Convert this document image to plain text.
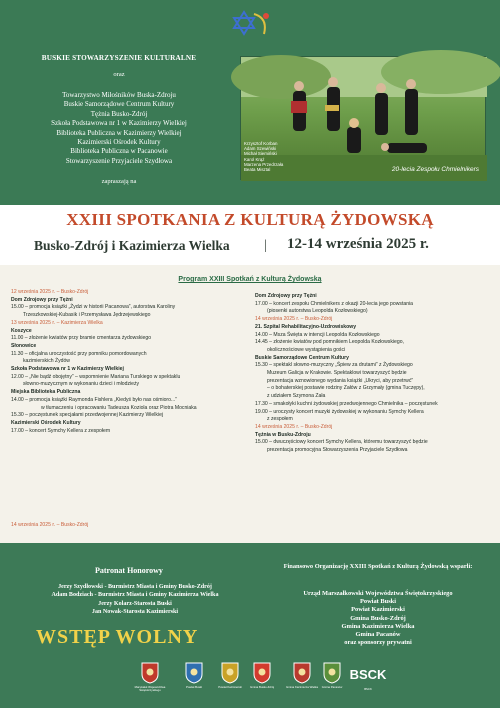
BUSKIE STOWARZYSZENIE KULTURALNE
oraz
Towarzystwo Miłośników Buska-Zdroju
Buskie Samorządowe Centrum Kultury
Tężnia Busko-Zdrój
Szkoła Podstawowa nr 1 w Kazimierzy Wielkiej
Biblioteka Publiczna w Kazimierzy Wielkiej
Kazimierski Ośrodek Kultury
Biblioteka Publiczna w Pacanowie
Stowarzyszenie Przyjaciele Szydłowa
zapraszają na
Krzysztof Korban
Adam Szewiński
Michał Siemiński
Karol Krąż
Marzena Przedrzała
Beata Misztal	20-lecia Zespołu Chmielnikers
XXIII SPOTKANIA Z KULTURĄ ŻYDOWSKĄ
Busko-Zdrój i Kazimierza Wielka	| 12-14 września 2025 r.
Program XXIII Spotkań z Kulturą Żydowską
12 września 2025 r. – Busko-Zdrój
Dom Zdrojowy przy Tężni
15.00 – promocja książki „Żydzi w historii Pacanowa”, autorstwa Karoliny
Trzeszkowskiej-Kubasik i Przemysława Jędrzejewskiego
13 września 2025 r. – Kazimierza Wielka
Koszyce
11.00 – złożenie kwiatów przy bramie cmentarza żydowskiego
Słonowice
11.30 – oficjalna uroczystość przy pomniku pomordowanych
kazimierskich Żydów
Szkoła Podstawowa nr 1 w Kazimierzy Wielkiej
12.00 – „Nie bądź obojętny” – wspomnienie Mariana Turskiego w spektaklu
słowno-muzycznym w wykonaniu dzieci i młodzieży
Miejska Biblioteka Publiczna
14.00 – promocja książki Raymonda Fishlera „Kiedyś było nas ośmioro...”
w tłumaczeniu i opracowaniu Tadeusza Koziola oraz Piotra Mocniaka
15.30 – poczęstunek specjałami przedwojennej Kazimierzy Wielkiej
Kazimierski Ośrodek Kultury
17.00 – koncert Symchy Kellera z zespołem
Dom Zdrojowy przy Tężni
17.00 – koncert zespołu Chmielnikers z okazji 20-lecia jego powstania
(piosenki autorstwa Leopolda Kozłowskiego)
14 września 2025 r. – Busko-Zdrój
21. Szpital Rehabilitacyjno-Uzdrowiskowy
14.00 – Msza Święta w intencji Leopolda Kozłowskiego
14.45 – złożenie kwiatów pod pomnikiem Leopolda Kozłowskiego,
okolicznościowe wystąpienia gości
Buskie Samorządowe Centrum Kultury
15.30 – spektakl słowno-muzyczny „Śpiew za drutami” z Żydowskiego
Muzeum Galicja w Krakowie. Spektaklowi towarzyszyć będzie
prezentacja wznowionego wydania książki „Ukryci, aby przetrwć”
– o bohaterskiej postawie rodziny Załów z Grzymały (gmina Tuczępy),
z udziałem Szymona Zała
17.30 – smakołyki kuchni żydowskiej przedwojennego Chmielnika – poczęstunek
19.00 – uroczysty koncert muzyki żydowskiej w wykonaniu Symchy Kellera
z zespołem
14 września 2025 r. – Busko-Zdrój
Tężnia w Busku-Zdroju
15.00 – dwuczęściowy koncert Symchy Kellera, któremu towarzyszyć będzie
prezentacja promocyjna Stowarzyszenia Przyjaciele Szydłowa
14 września 2025 r. – Busko-Zdrój
Patronat Honorowy
Jerzy Szydłowski - Burmistrz Miasta i Gminy Busko-Zdrój
Adam Bodziach - Burmistrz Miasta i Gminy Kazimierza Wielka
Jerzy Kolarz-Starosta Buski
Jan Nowak-Starosta Kazimierski
Finansowo Organizację XXIII Spotkań z Kulturą Żydowską wsparli:
Urząd Marszałkowski Województwa Świętokrzyskiego
Powiat Buski
Powiat Kazimierski
Gmina Busko-Zdrój
Gmina Kazimierza Wielka
Gmina Pacanów
oraz sponsorzy prywatni
WSTĘP WOLNY
Marszałek Województwa Świętokrzyskiego
Powiat Buski	Powiat Kazimierski	Gmina Busko-Zdrój	Gmina Kazimierza Wielka	Gmina Pacanów
BSCK
BSCK
